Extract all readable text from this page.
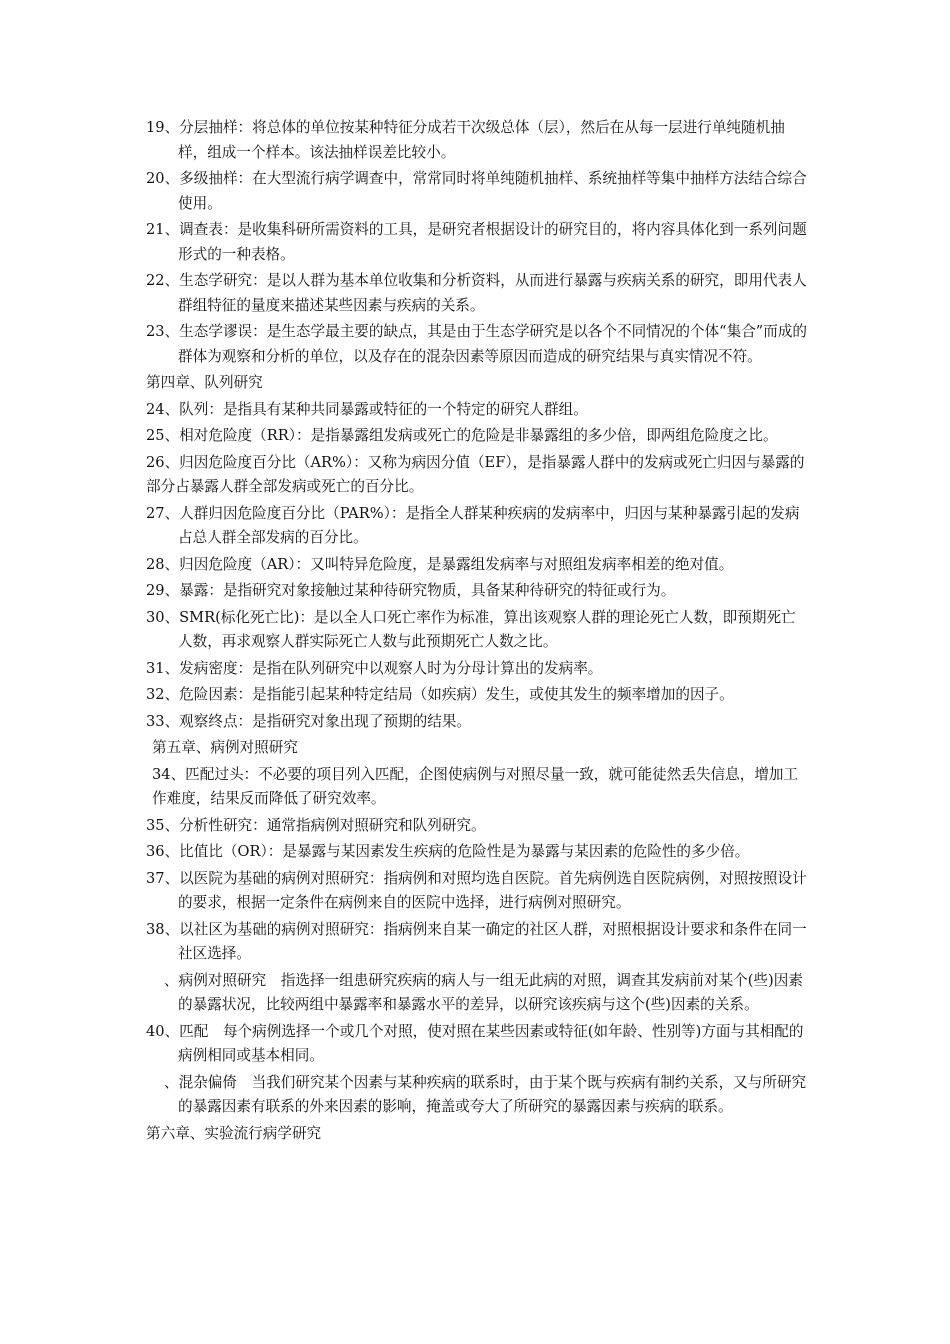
19、分层抽样：将总体的单位按某种特征分成若干次级总体（层），然后在从每一层进行单纯随机抽样，组成一个样本。该法抽样误差比较小。

20、多级抽样：在大型流行病学调查中，常常同时将单纯随机抽样、系统抽样等集中抽样方法结合综合使用。

21、调查表：是收集科研所需资料的工具，是研究者根据设计的研究目的，将内容具体化到一系列问题形式的一种表格。

22、生态学研究：是以人群为基本单位收集和分析资料，从而进行暴露与疾病关系的研究，即用代表人群组特征的量度来描述某些因素与疾病的关系。

23、生态学谬误：是生态学最主要的缺点，其是由于生态学研究是以各个不同情况的个体“集合”而成的群体为观察和分析的单位，以及存在的混杂因素等原因而造成的研究结果与真实情况不符。

第四章、队列研究

24、队列：是指具有某种共同暴露或特征的一个特定的研究人群组。

25、相对危险度（RR）：是指暴露组发病或死亡的危险是非暴露组的多少倍，即两组危险度之比。

26、归因危险度百分比（AR%）：又称为病因分值（EF），是指暴露人群中的发病或死亡归因与暴露的部分占暴露人群全部发病或死亡的百分比。

27、人群归因危险度百分比（PAR%）：是指全人群某种疾病的发病率中，归因与某种暴露引起的发病占总人群全部发病的百分比。

28、归因危险度（AR）：又叫特异危险度，是暴露组发病率与对照组发病率相差的绝对值。

29、暴露：是指研究对象接触过某种待研究物质，具备某种待研究的特征或行为。

30、SMR(标化死亡比)：是以全人口死亡率作为标准，算出该观察人群的理论死亡人数，即预期死亡人数，再求观察人群实际死亡人数与此预期死亡人数之比。

31、发病密度：是指在队列研究中以观察人时为分母计算出的发病率。

32、危险因素：是指能引起某种特定结局（如疾病）发生，或使其发生的频率增加的因子。

33、观察终点：是指研究对象出现了预期的结果。

第五章、病例对照研究

34、匹配过头：不必要的项目列入匹配，企图使病例与对照尽量一致，就可能徒然丢失信息，增加工作难度，结果反而降低了研究效率。

35、分析性研究：通常指病例对照研究和队列研究。

36、比值比（OR）：是暴露与某因素发生疾病的危险性是为暴露与某因素的危险性的多少倍。

37、以医院为基础的病例对照研究：指病例和对照均选自医院。首先病例选自医院病例，对照按照设计的要求，根据一定条件在病例来自的医院中选择，进行病例对照研究。

38、以社区为基础的病例对照研究：指病例来自某一确定的社区人群，对照根据设计要求和条件在同一社区选择。

、病例对照研究　指选择一组患研究疾病的病人与一组无此病的对照，调查其发病前对某个(些)因素的暴露状况，比较两组中暴露率和暴露水平的差异，以研究该疾病与这个(些)因素的关系。

40、匹配　每个病例选择一个或几个对照，使对照在某些因素或特征(如年龄、性别等)方面与其相配的病例相同或基本相同。

、混杂偏倚　当我们研究某个因素与某种疾病的联系时，由于某个既与疾病有制约关系，又与所研究的暴露因素有联系的外来因素的影响，掩盖或夸大了所研究的暴露因素与疾病的联系。

第六章、实验流行病学研究
